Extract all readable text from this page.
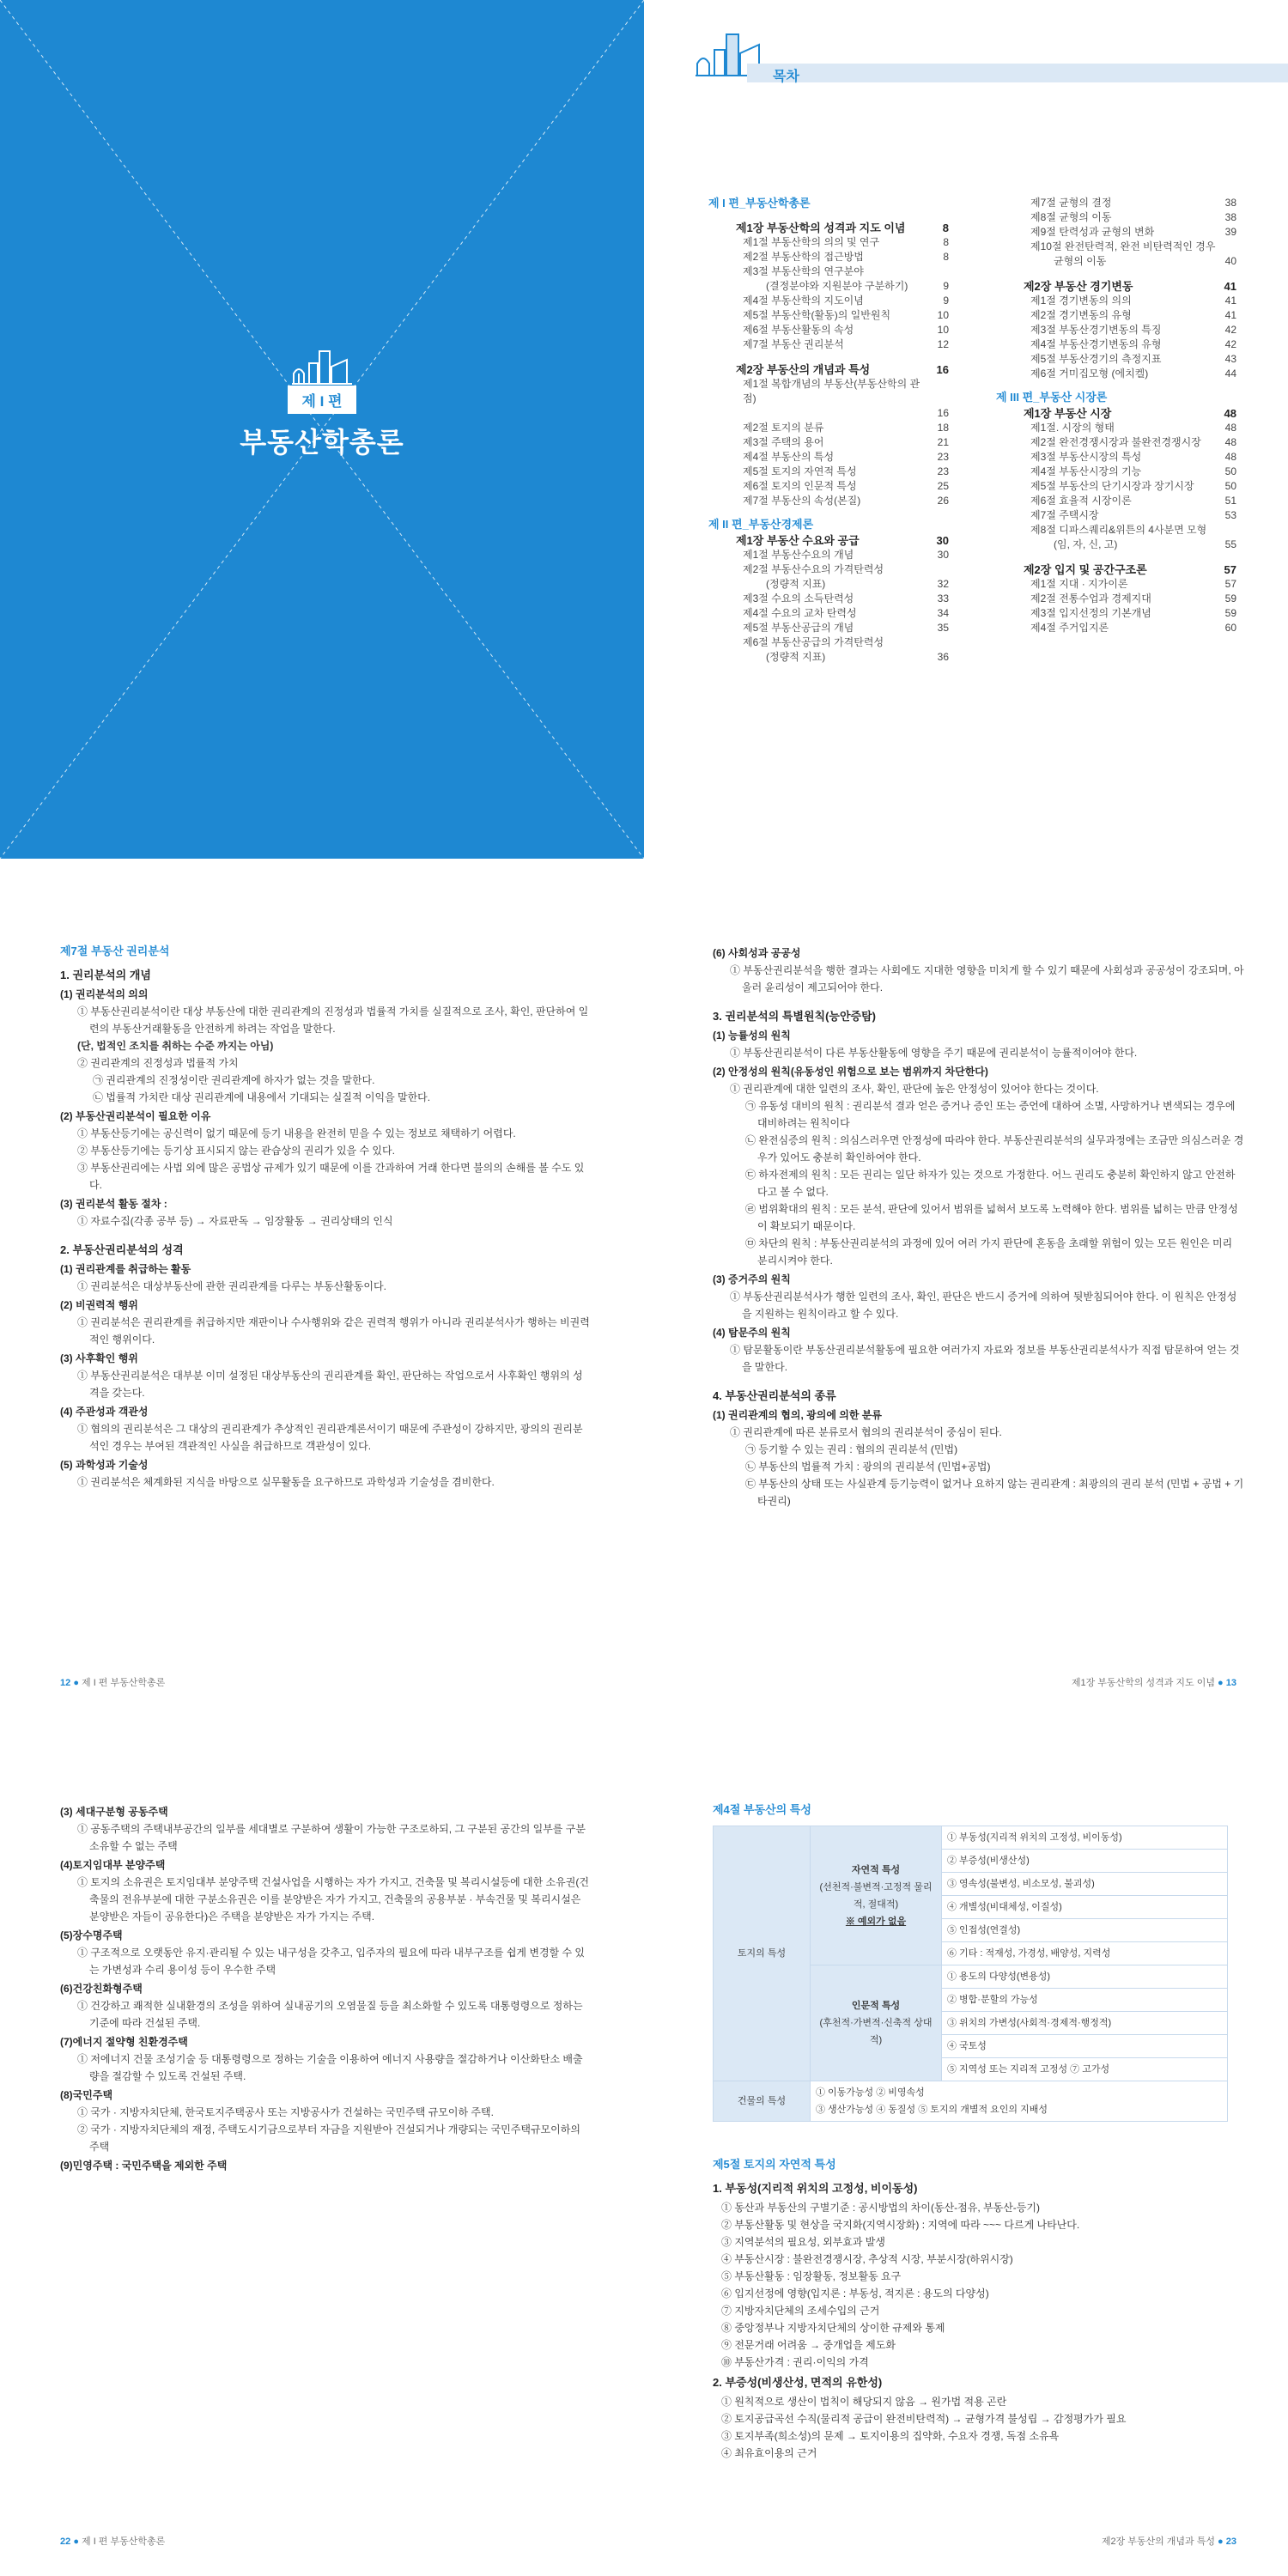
제 I 편
부동산학총론
목차
제 I 편_부동산학총론
제1장 부동산학의 성격과 지도 이념	8
제1절 부동산학의 의의 및 연구	8
제2절 부동산학의 접근방법	8
제3절 부동산학의 연구분야
(결정분야와 지원분야 구분하기)	9
제4절 부동산학의 지도이념	9
제5절 부동산학(활동)의 일반원칙	10
제6절 부동산활동의 속성	10
제7절 부동산 권리분석	12
제2장 부동산의 개념과 특성	16
제1절 복합개념의 부동산(부동산학의 관점)
16
제2절 토지의 분류	18
제3절 주택의 용어	21
제4절 부동산의 특성	23
제5절 토지의 자연적 특성	23
제6절 토지의 인문적 특성	25
제7절 부동산의 속성(본질)	26
제 II 편_부동산경제론
제1장 부동산 수요와 공급	30
제1절 부동산수요의 개념	30
제2절 부동산수요의 가격탄력성
(정량적 지표)	32
제3절 수요의 소득탄력성	33
제4절 수요의 교차 탄력성	34
제5절 부동산공급의 개념	35
제6절 부동산공급의 가격탄력성
(정량적 지표)	36
제7절 균형의 결정	38
제8절 균형의 이동	38
제9절 탄력성과 균형의 변화	39
제10절 완전탄력적, 완전 비탄력적인 경우
균형의 이동	40
제2장 부동산 경기변동	41
제1절 경기변동의 의의	41
제2절 경기변동의 유형	41
제3절 부동산경기변동의 특징	42
제4절 부동산경기변동의 유형	42
제5절 부동산경기의 측정지표	43
제6절 거미집모형 (에치켈)	44
제 III 편_부동산 시장론
제1장 부동산 시장	48
제1절. 시장의 형태	48
제2절 완전경쟁시장과 불완전경쟁시장	48
제3절 부동산시장의 특성	48
제4절 부동산시장의 기능	50
제5절 부동산의 단기시장과 장기시장	50
제6절 효율적 시장이론	51
제7절 주택시장	53
제8절 디파스퀘리&위튼의 4사분면 모형
(임, 자, 신, 고)	55
제2장 입지 및 공간구조론	57
제1절 지대 · 지가이론	57
제2절 전통수업과 경제지대	59
제3절 입지선정의 기본개념	59
제4절 주거입지론	60
제7절 부동산 권리분석
1. 권리분석의 개념
(1) 권리분석의 의의
① 부동산권리분석이란 대상 부동산에 대한 권리관계의 진정성과 법률적 가치를 실질적으로 조사, 확인, 판단하여 일련의 부동산거래활동을 안전하게 하려는 작업을 말한다.
(단, 법적인 조치를 취하는 수준 까지는 아님)
② 권리관계의 진정성과 법률적 가치
㉠ 권리관계의 진정성이란 권리관계에 하자가 없는 것을 말한다.
㉡ 법률적 가치란 대상 권리관계에 내용에서 기대되는 실질적 이익을 말한다.
(2) 부동산권리분석이 필요한 이유
① 부동산등기에는 공신력이 없기 때문에 등기 내용을 완전히 믿을 수 있는 정보로 채택하기 어렵다.
② 부동산등기에는 등기상 표시되지 않는 관습상의 권리가 있을 수 있다.
③ 부동산권리에는 사법 외에 많은 공법상 규제가 있기 때문에 이를 간과하여 거래 한다면 불의의 손해를 볼 수도 있다.
(3) 권리분석 활동 절차 :
① 자료수집(각종 공부 등) → 자료판독 → 임장활동 → 권리상태의 인식
2. 부동산권리분석의 성격
(1) 권리관계를 취급하는 활동
① 권리분석은 대상부동산에 관한 권리관계를 다루는 부동산활동이다.
(2) 비권력적 행위
① 권리분석은 권리관계를 취급하지만 재판이나 수사행위와 같은 권력적 행위가 아니라 권리분석사가 행하는 비권력적인 행위이다.
(3) 사후확인 행위
① 부동산권리분석은 대부분 이미 설정된 대상부동산의 권리관계를 확인, 판단하는 작업으로서 사후확인 행위의 성격을 갖는다.
(4) 주관성과 객관성
① 협의의 권리분석은 그 대상의 권리관계가 추상적인 권리관계론서이기 때문에 주관성이 강하지만, 광의의 권리분석인 경우는 부여된 객관적인 사실을 취급하므로 객관성이 있다.
(5) 과학성과 기술성
① 권리분석은 체계화된 지식을 바탕으로 실무활동을 요구하므로 과학성과 기술성을 겸비한다.
12 ● 제 I 편 부동산학총론
(6) 사회성과 공공성
① 부동산권리분석을 행한 결과는 사회에도 지대한 영향을 미치게 할 수 있기 때문에 사회성과 공공성이 강조되며, 아울러 윤리성이 제고되어야 한다.
3. 권리분석의 특별원칙(능안증탐)
(1) 능률성의 원칙
① 부동산권리분석이 다른 부동산활동에 영향을 주기 때문에 권리분석이 능률적이어야 한다.
(2) 안정성의 원칙(유동성인 위험으로 보는 범위까지 차단한다)
① 권리관계에 대한 일련의 조사, 확인, 판단에 높은 안정성이 있어야 한다는 것이다.
㉠ 유동성 대비의 원칙 : 권리분석 결과 얻은 증거나 증인 또는 증언에 대하여 소멸, 사망하거나 변색되는 경우에 대비하려는 원칙이다
㉡ 완전심증의 원칙 : 의심스러우면 안정성에 따라야 한다. 부동산권리분석의 실무과정에는 조금만 의심스러운 경우가 있어도 충분히 확인하여야 한다.
㉢ 하자전제의 원칙 : 모든 권리는 일단 하자가 있는 것으로 가정한다. 어느 권리도 충분히 확인하지 않고 안전하다고 볼 수 없다.
㉣ 범위확대의 원칙 : 모든 분석, 판단에 있어서 범위를 넓혀서 보도록 노력해야 한다. 범위를 넓히는 만큼 안정성이 확보되기 때문이다.
㉤ 차단의 원칙 : 부동산권리분석의 과정에 있어 여러 가지 판단에 혼동을 초래할 위험이 있는 모든 원인은 미리 분리시켜야 한다.
(3) 증거주의 원칙
① 부동산권리분석사가 행한 일련의 조사, 확인, 판단은 반드시 증거에 의하여 뒷받침되어야 한다. 이 원칙은 안정성을 지원하는 원칙이라고 할 수 있다.
(4) 탐문주의 원칙
① 탐문활동이란 부동산권리분석활동에 필요한 여러가지 자료와 정보를 부동산권리분석사가 직접 탐문하여 얻는 것을 말한다.
4. 부동산권리분석의 종류
(1) 권리관계의 협의, 광의에 의한 분류
① 권리관계에 따른 분류로서 협의의 권리분석이 중심이 된다.
㉠ 등기할 수 있는 권리 : 협의의 권리분석 (민법)
㉡ 부동산의 법률적 가치 : 광의의 권리분석 (민법+공법)
㉢ 부동산의 상태 또는 사실관계 등기능력이 없거나 요하지 않는 권리관계 : 최광의의 권리 분석 (민법 + 공법 + 기타권리)
제1장 부동산학의 성격과 지도 이념 ● 13
(3) 세대구분형 공동주택
① 공동주택의 주택내부공간의 일부를 세대별로 구분하여 생활이 가능한 구조로하되, 그 구분된 공간의 일부를 구분소유할 수 없는 주택
(4)토지임대부 분양주택
① 토지의 소유권은 토지임대부 분양주택 건설사업을 시행하는 자가 가지고, 건축물 및 복리시설등에 대한 소유권(건축물의 전유부분에 대한 구분소유권은 이를 분양받은 자가 가지고, 건축물의 공용부분 · 부속건물 및 복리시설은 분양받은 자들이 공유한다)은 주택을 분양받은 자가 가지는 주택.
(5)장수명주택
① 구조적으로 오랫동안 유지·관리될 수 있는 내구성을 갖추고, 입주자의 필요에 따라 내부구조를 쉽게 변경할 수 있는 가변성과 수리 용이성 등이 우수한 주택
(6)건강친화형주택
① 건강하고 쾌적한 실내환경의 조성을 위하여 실내공기의 오염물질 등을 최소화할 수 있도록 대통령령으로 정하는 기준에 따라 건설된 주택.
(7)에너지 절약형 친환경주택
① 저에너지 건물 조성기술 등 대통령령으로 정하는 기술을 이용하여 에너지 사용량을 절감하거나 이산화탄소 배출량을 절감할 수 있도록 건설된 주택.
(8)국민주택
① 국가 · 지방자치단체, 한국토지주택공사 또는 지방공사가 건설하는 국민주택 규모이하 주택.
② 국가 · 지방자치단체의 재정, 주택도시기금으로부터 자금을 지원받아 건설되거나 개량되는 국민주택규모이하의 주택
(9)민영주택 : 국민주택을 제외한 주택
22 ● 제 I 편 부동산학총론
제4절 부동산의 특성
토지의 특성	자연적 특성
(선천적·불변적·고정적 물리적, 절대적)
※ 예외가 없음	① 부동성(지리적 위치의 고정성, 비이동성)
		② 부증성(비생산성)
		③ 영속성(불변성, 비소모성, 불괴성)
		④ 개별성(비대체성, 이질성)
		⑤ 인접성(연결성)
		⑥ 기타 : 적재성, 가경성, 배양성, 지력성

	인문적 특성
(후천적·가변적·신축적 상대적)	① 용도의 다양성(변용성)
		② 병합·분할의 가능성
		③ 위치의 가변성(사회적·경제적·행정적)
		④ 국토성
		⑤ 지역성 또는 지리적 고정성 ⑦ 고가성
건물의 특성	① 이동가능성 ② 비영속성
③ 생산가능성 ④ 동질성 ⑤ 토지의 개별적 요인의 지배성	
제5절 토지의 자연적 특성
1. 부동성(지리적 위치의 고정성, 비이동성)
① 동산과 부동산의 구별기준 : 공시방법의 차이(동산-점유, 부동산-등기)
② 부동산활동 및 현상을 국지화(지역시장화) : 지역에 따라 ~~~ 다르게 나타난다.
③ 지역분석의 필요성, 외부효과 발생
④ 부동산시장 : 불완전경쟁시장, 추상적 시장, 부분시장(하위시장)
⑤ 부동산활동 : 임장활동, 정보활동 요구
⑥ 입지선정에 영향(입지론 : 부동성, 적지론 : 용도의 다양성)
⑦ 지방자치단체의 조세수입의 근거
⑧ 중앙정부나 지방자치단체의 상이한 규제와 통제
⑨ 전문거래 어려움 → 중개업을 제도화
⑩ 부동산가격 : 권리·이익의 가격
2. 부증성(비생산성, 면적의 유한성)
① 원칙적으로 생산이 법칙이 해당되지 않음 → 원가법 적용 곤란
② 토지공급곡선 수직(물리적 공급이 완전비탄력적) → 균형가격 불성립 → 감정평가가 필요
③ 토지부족(희소성)의 문제 → 토지이용의 집약화, 수요자 경쟁, 독점 소유욕
④ 최유효이용의 근거
제2장 부동산의 개념과 특성 ● 23
